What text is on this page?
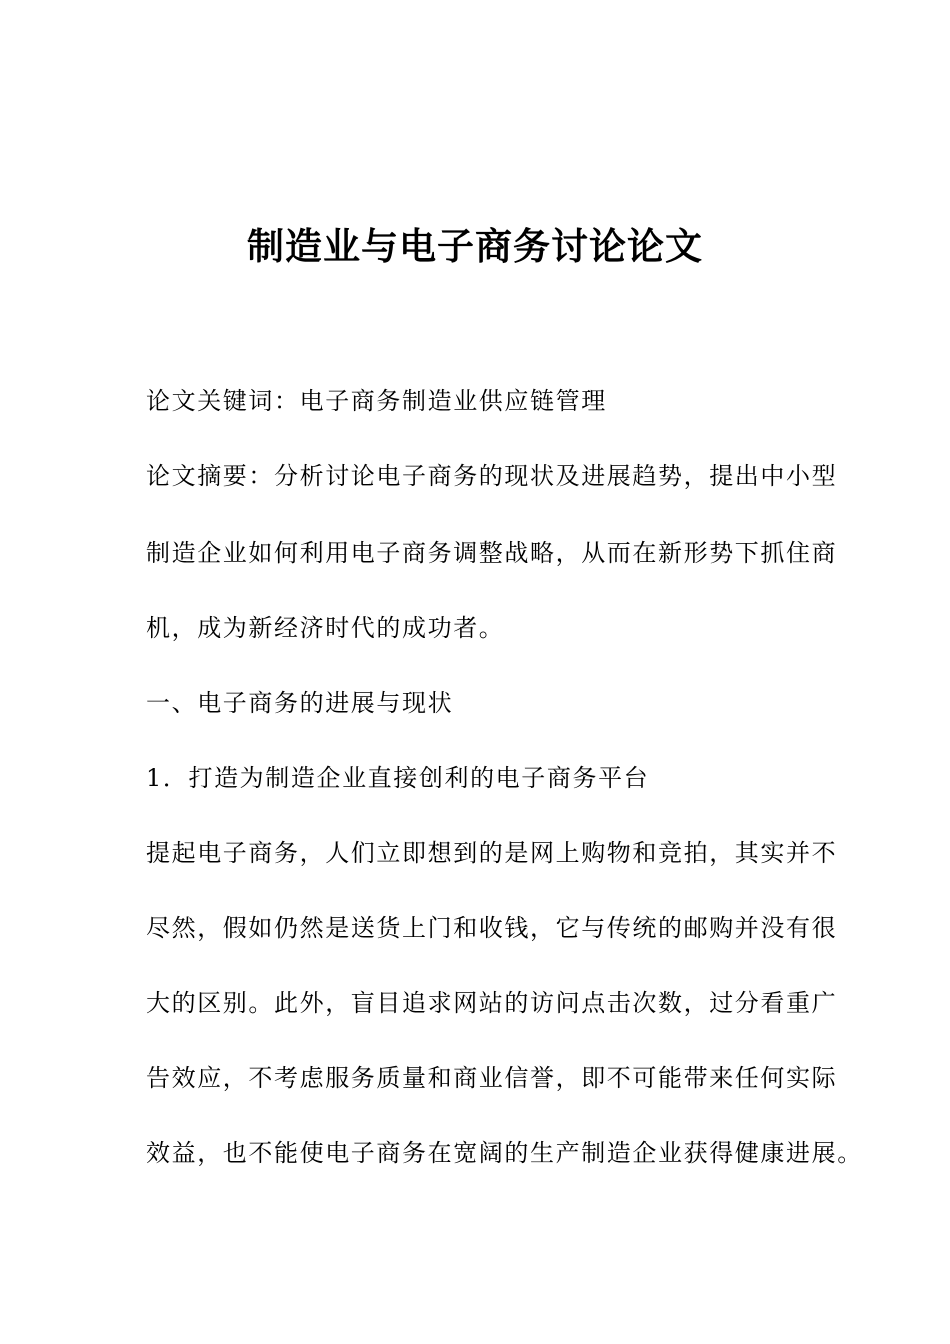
制造业与电子商务讨论论文

论文关键词：电子商务制造业供应链管理

论文摘要：分析讨论电子商务的现状及进展趋势，提出中小型

制造企业如何利用电子商务调整战略，从而在新形势下抓住商

机，成为新经济时代的成功者。

一、电子商务的进展与现状

1．打造为制造企业直接创利的电子商务平台

提起电子商务，人们立即想到的是网上购物和竞拍，其实并不

尽然，假如仍然是送货上门和收钱，它与传统的邮购并没有很

大的区别。此外，盲目追求网站的访问点击次数，过分看重广

告效应，不考虑服务质量和商业信誉，即不可能带来任何实际

效益，也不能使电子商务在宽阔的生产制造企业获得健康进展。
